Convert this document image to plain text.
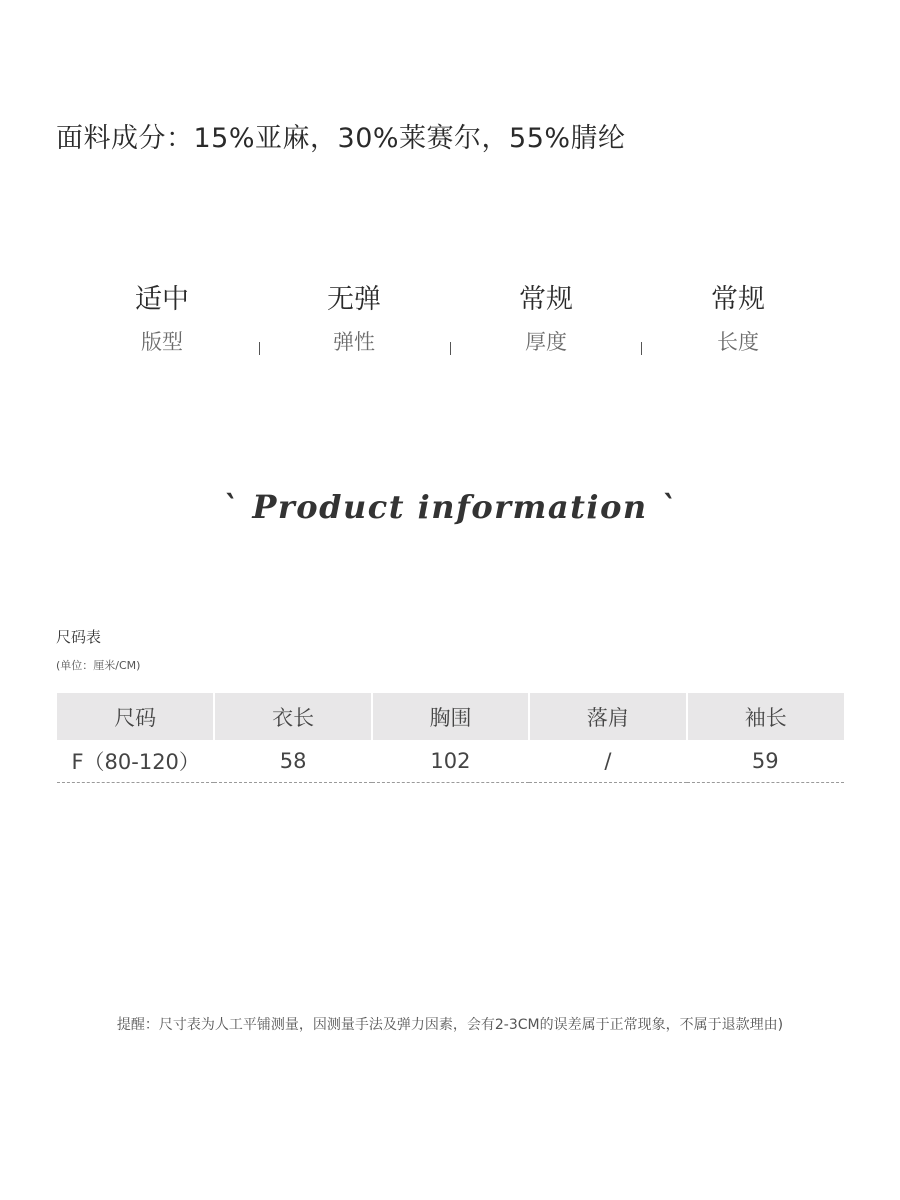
面料成分：15%亚麻，30%莱赛尔，55%腈纶
适中
版型
无弹
弹性
常规
厚度
常规
长度
` Product information `
尺码表
(单位：厘米/CM)
尺码	衣长	胸围	落肩	袖长
F（80-120）	58	102	/	59
提醒：尺寸表为人工平铺测量，因测量手法及弹力因素，会有2-3CM的误差属于正常现象，不属于退款理由)
